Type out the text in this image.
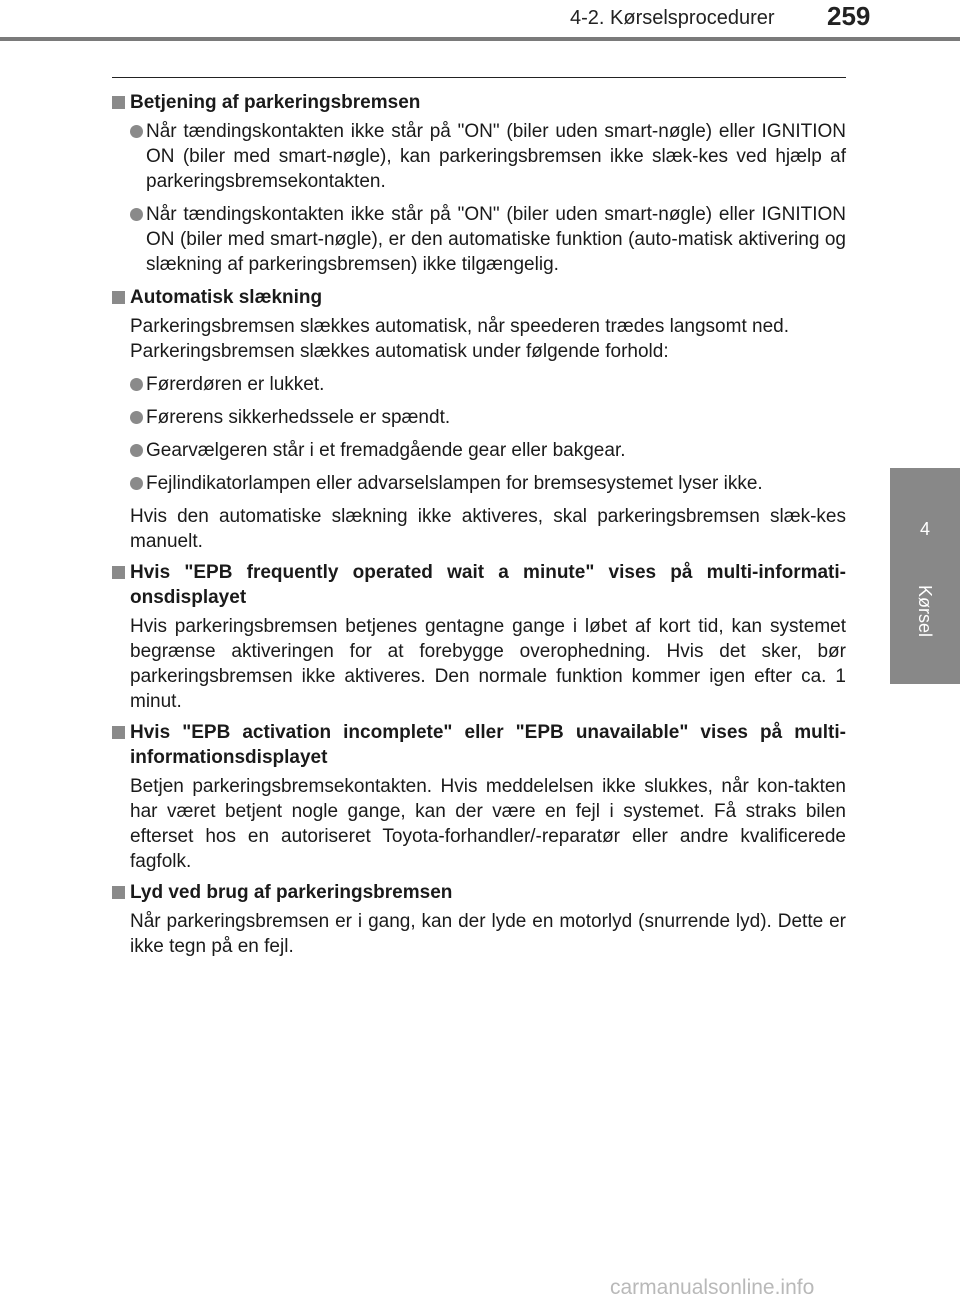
4-2. Kørselsprocedurer 259
4
Kørsel
Betjening af parkeringsbremsen
Når tændingskontakten ikke står på "ON" (biler uden smart-nøgle) eller IGNITION ON (biler med smart-nøgle), kan parkeringsbremsen ikke slæk-kes ved hjælp af parkeringsbremsekontakten.
Når tændingskontakten ikke står på "ON" (biler uden smart-nøgle) eller IGNITION ON (biler med smart-nøgle), er den automatiske funktion (auto-matisk aktivering og slækning af parkeringsbremsen) ikke tilgængelig.
Automatisk slækning
Parkeringsbremsen slækkes automatisk, når speederen trædes langsomt ned.
Parkeringsbremsen slækkes automatisk under følgende forhold:
Førerdøren er lukket.
Førerens sikkerhedssele er spændt.
Gearvælgeren står i et fremadgående gear eller bakgear.
Fejlindikatorlampen eller advarselslampen for bremsesystemet lyser ikke.
Hvis den automatiske slækning ikke aktiveres, skal parkeringsbremsen slæk-kes manuelt.
Hvis "EPB frequently operated wait a minute" vises på multi-informati-onsdisplayet
Hvis parkeringsbremsen betjenes gentagne gange i løbet af kort tid, kan systemet begrænse aktiveringen for at forebygge overophedning. Hvis det sker, bør parkeringsbremsen ikke aktiveres. Den normale funktion kommer igen efter ca. 1 minut.
Hvis "EPB activation incomplete" eller "EPB unavailable" vises på multi-informationsdisplayet
Betjen parkeringsbremsekontakten. Hvis meddelelsen ikke slukkes, når kon-takten har været betjent nogle gange, kan der være en fejl i systemet. Få straks bilen efterset hos en autoriseret Toyota-forhandler/-reparatør eller andre kvalificerede fagfolk.
Lyd ved brug af parkeringsbremsen
Når parkeringsbremsen er i gang, kan der lyde en motorlyd (snurrende lyd). Dette er ikke tegn på en fejl.
carmanualsonline.info
